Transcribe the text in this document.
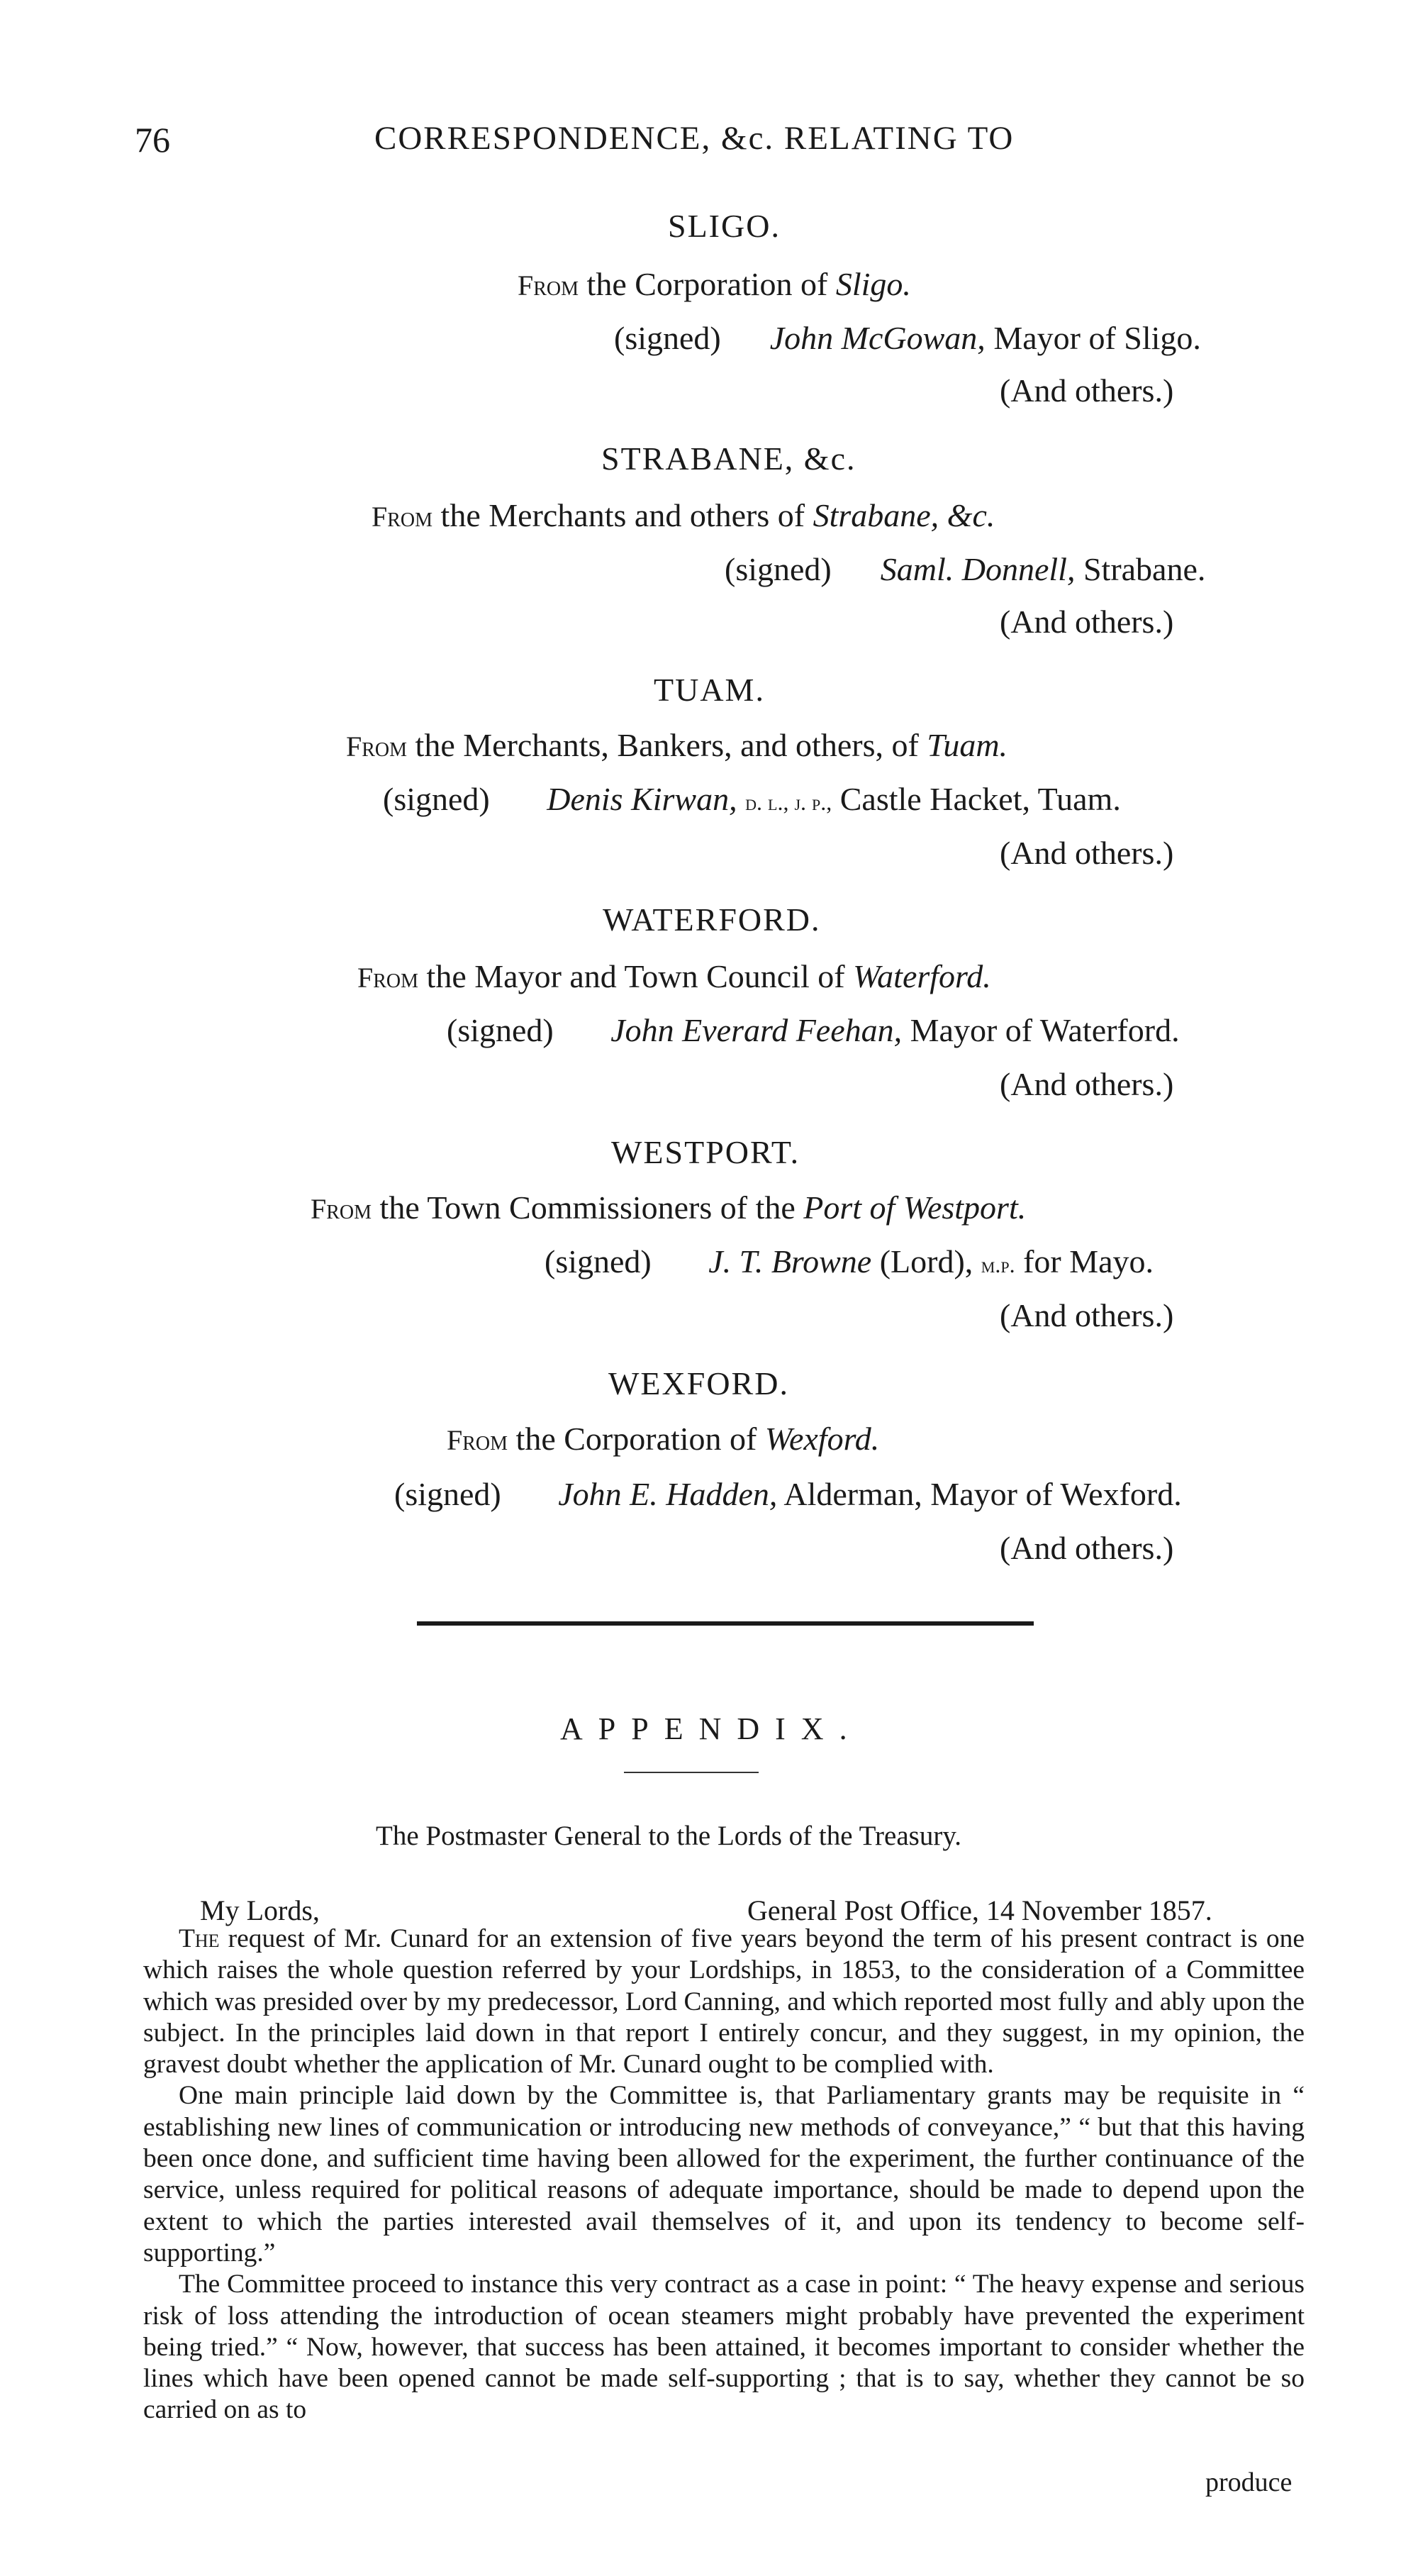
76	CORRESPONDENCE, &c. RELATING TO
SLIGO.
From the Corporation of Sligo.
(signed) John McGowan, Mayor of Sligo.
(And others.)
STRABANE, &c.
From the Merchants and others of Strabane, &c.
(signed) Saml. Donnell, Strabane.
(And others.)
TUAM.
From the Merchants, Bankers, and others, of Tuam.
(signed) Denis Kirwan, d. l., j. p., Castle Hacket, Tuam.
(And others.)
WATERFORD.
From the Mayor and Town Council of Waterford.
(signed) John Everard Feehan, Mayor of Waterford.
(And others.)
WESTPORT.
From the Town Commissioners of the Port of Westport.
(signed) J. T. Browne (Lord), m.p. for Mayo.
(And others.)
WEXFORD.
From the Corporation of Wexford.
(signed) John E. Hadden, Alderman, Mayor of Wexford.
(And others.)
APPENDIX.
The Postmaster General to the Lords of the Treasury.
My Lords,	General Post Office, 14 November 1857.

The request of Mr. Cunard for an extension of five years beyond the term of his present contract is one which raises the whole question referred by your Lordships, in 1853, to the consideration of a Committee which was presided over by my predecessor, Lord Canning, and which reported most fully and ably upon the subject. In the principles laid down in that report I entirely concur, and they suggest, in my opinion, the gravest doubt whether the application of Mr. Cunard ought to be complied with.

One main principle laid down by the Committee is, that Parliamentary grants may be requisite in “ establishing new lines of communication or introducing new methods of conveyance,” “ but that this having been once done, and sufficient time having been allowed for the experiment, the further continuance of the service, unless required for political reasons of adequate importance, should be made to depend upon the extent to which the parties interested avail themselves of it, and upon its tendency to become self-supporting.”

The Committee proceed to instance this very contract as a case in point: “ The heavy expense and serious risk of loss attending the introduction of ocean steamers might probably have prevented the experiment being tried.” “ Now, however, that success has been attained, it becomes important to consider whether the lines which have been opened cannot be made self-supporting ; that is to say, whether they cannot be so carried on as to

produce
